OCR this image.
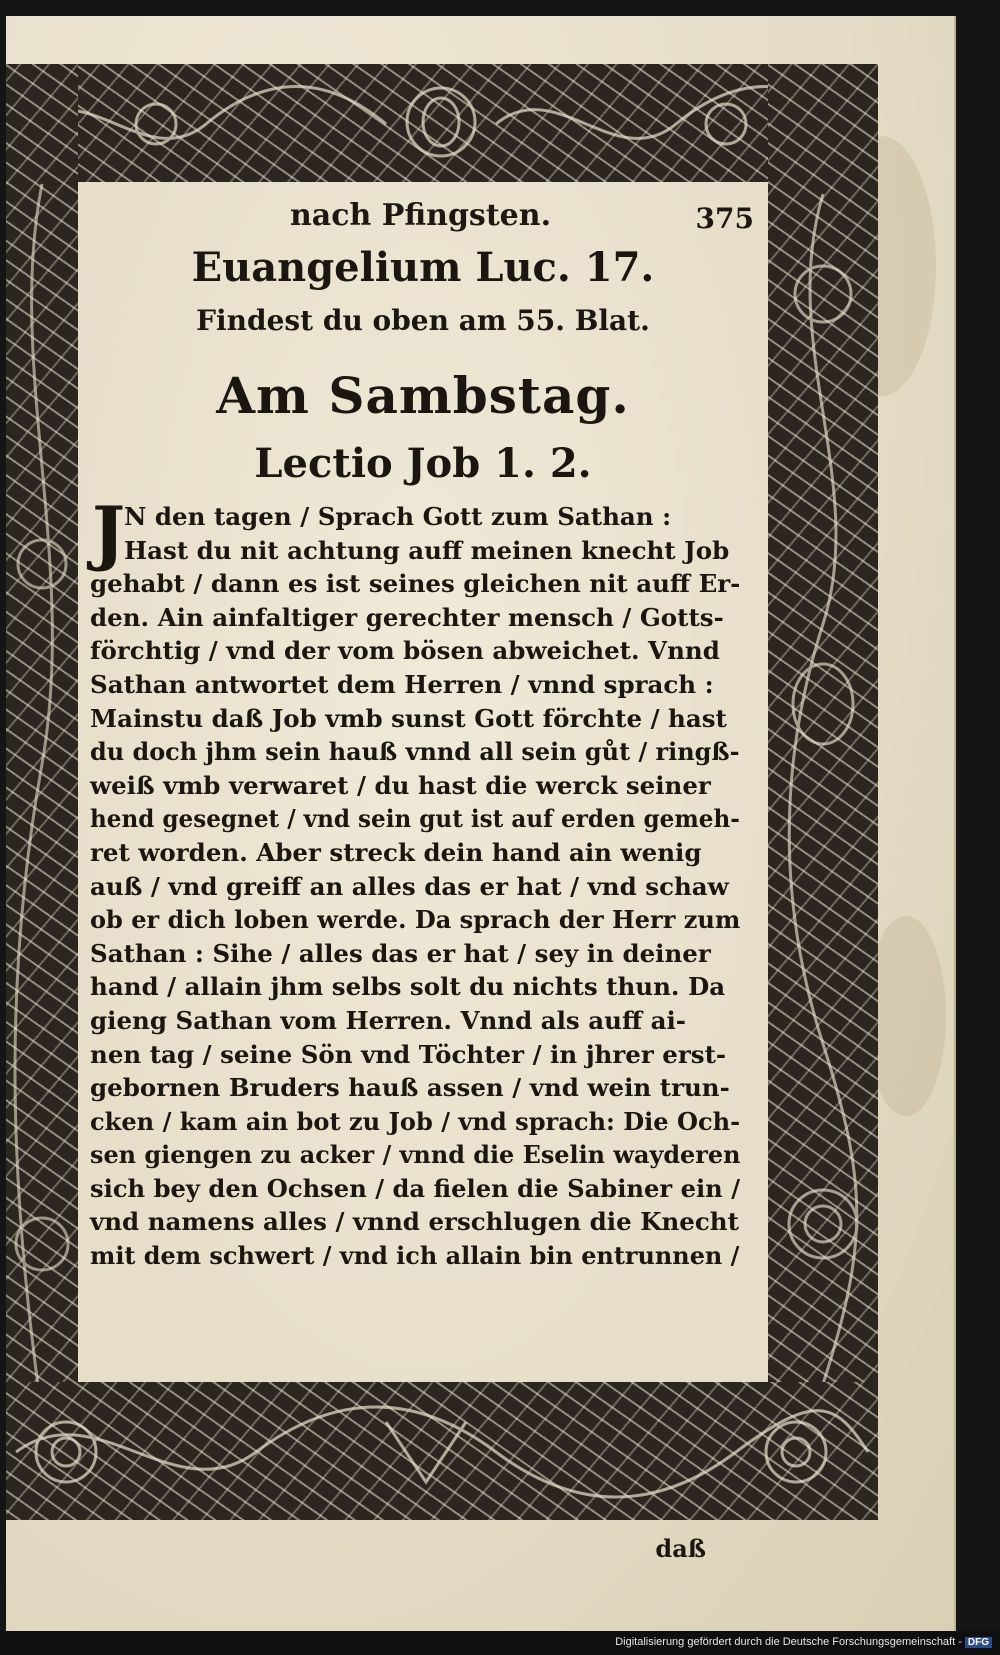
nach Pfingsten.	375
Euangelium Luc. 17.
Findest du oben am 55. Blat.
Am Sambstag.
Lectio Job 1. 2.
J
N den tagen / Sprach Gott zum Sathan :
Hast du nit achtung auff meinen knecht Job
gehabt / dann es ist seines gleichen nit auff Er-
den. Ain ainfaltiger gerechter mensch / Gotts-
förchtig / vnd der vom bösen abweichet. Vnnd
Sathan antwortet dem Herren / vnnd sprach :
Mainstu daß Job vmb sunst Gott förchte / hast
du doch jhm sein hauß vnnd all sein gůt / ringß-
weiß vmb verwaret / du hast die werck seiner
hend gesegnet / vnd sein gut ist auf erden gemeh-
ret worden. Aber streck dein hand ain wenig
auß / vnd greiff an alles das er hat / vnd schaw
ob er dich loben werde. Da sprach der Herr zum
Sathan : Sihe / alles das er hat / sey in deiner
hand / allain jhm selbs solt du nichts thun. Da
gieng Sathan vom Herren. Vnnd als auff ai-
nen tag / seine Sön vnd Töchter / in jhrer erst-
gebornen Bruders hauß assen / vnd wein trun-
cken / kam ain bot zu Job / vnd sprach: Die Och-
sen giengen zu acker / vnnd die Eselin wayderen
sich bey den Ochsen / da fielen die Sabiner ein /
vnd namens alles / vnnd erschlugen die Knecht
mit dem schwert / vnd ich allain bin entrunnen /
daß
Digitalisierung gefördert durch die Deutsche Forschungsgemeinschaft - DFG
